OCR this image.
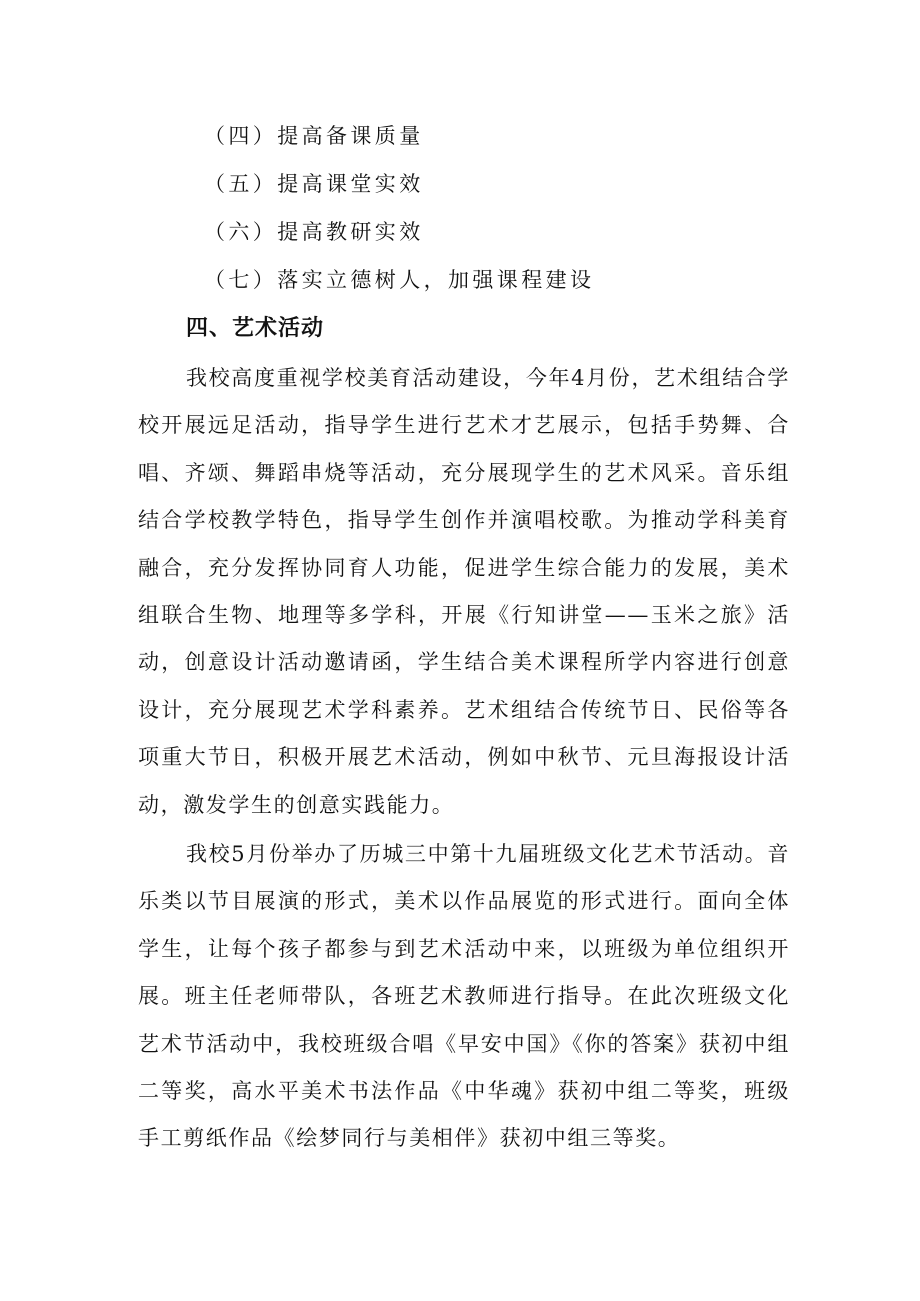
（四）提高备课质量
（五）提高课堂实效
（六）提高教研实效
（七）落实立德树人，加强课程建设
四、艺术活动

我校高度重视学校美育活动建设，今年4月份，艺术组结合学校开展远足活动，指导学生进行艺术才艺展示，包括手势舞、合唱、齐颂、舞蹈串烧等活动，充分展现学生的艺术风采。音乐组结合学校教学特色，指导学生创作并演唱校歌。为推动学科美育融合，充分发挥协同育人功能，促进学生综合能力的发展，美术组联合生物、地理等多学科，开展《行知讲堂——玉米之旅》活动，创意设计活动邀请函，学生结合美术课程所学内容进行创意设计，充分展现艺术学科素养。艺术组结合传统节日、民俗等各项重大节日，积极开展艺术活动，例如中秋节、元旦海报设计活动，激发学生的创意实践能力。

我校5月份举办了历城三中第十九届班级文化艺术节活动。音乐类以节目展演的形式，美术以作品展览的形式进行。面向全体学生，让每个孩子都参与到艺术活动中来，以班级为单位组织开展。班主任老师带队，各班艺术教师进行指导。在此次班级文化艺术节活动中，我校班级合唱《早安中国》《你的答案》获初中组二等奖，高水平美术书法作品《中华魂》获初中组二等奖，班级手工剪纸作品《绘梦同行与美相伴》获初中组三等奖。
